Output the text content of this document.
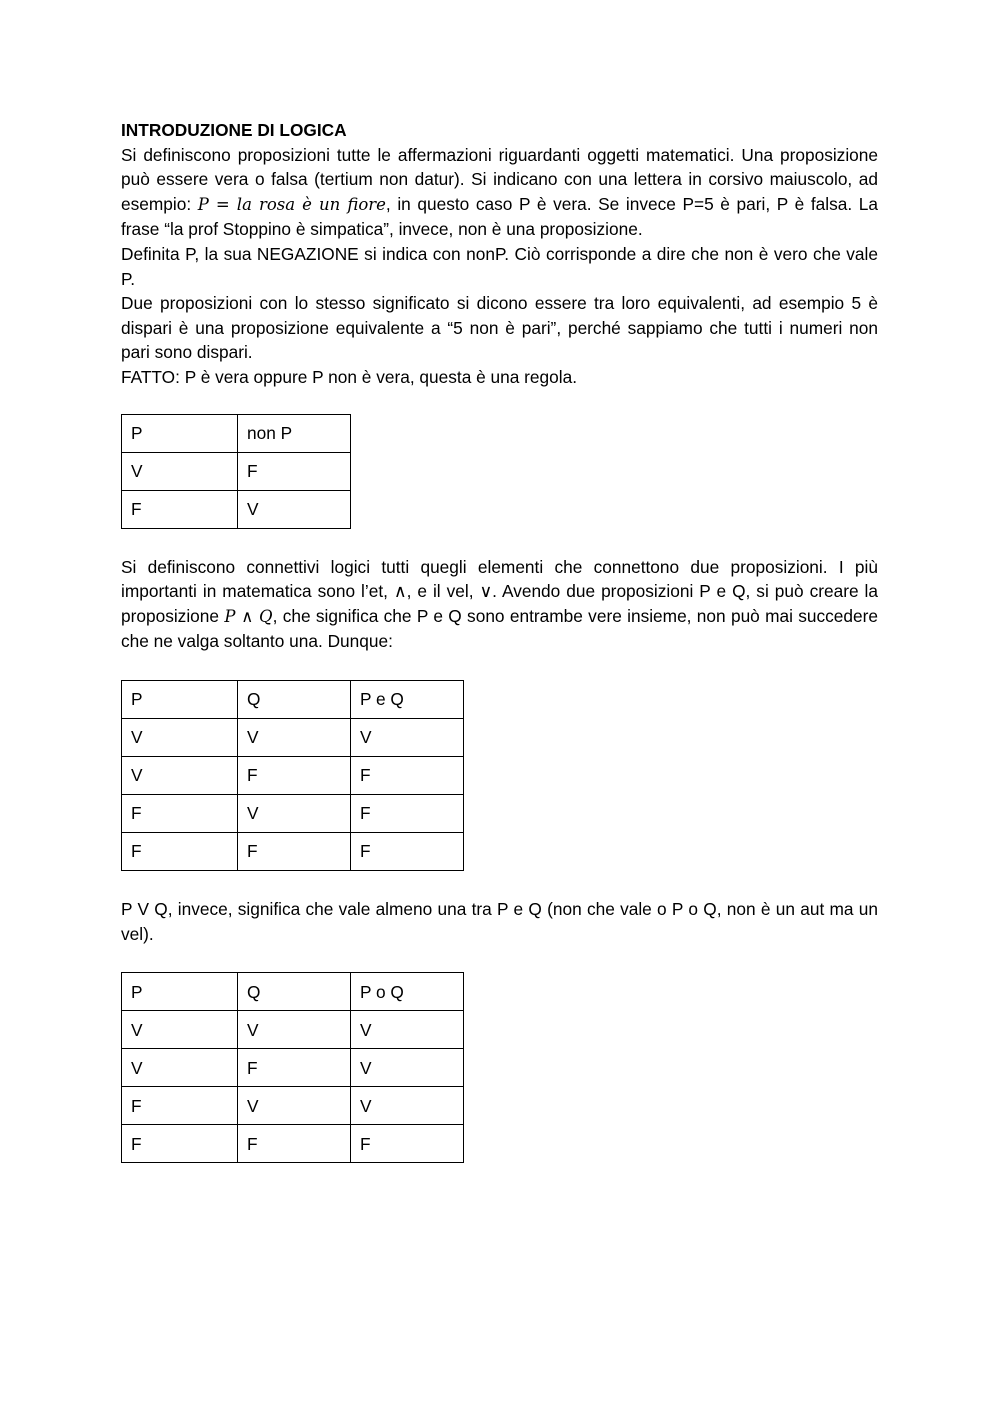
INTRODUZIONE DI LOGICA

Si definiscono proposizioni tutte le affermazioni riguardanti oggetti matematici. Una proposizione può essere vera o falsa (tertium non datur). Si indicano con una lettera in corsivo maiuscolo, ad esempio: P = la rosa è un fiore, in questo caso P è vera. Se invece P=5 è pari, P è falsa. La frase “la prof Stoppino è simpatica”, invece, non è una proposizione.

Definita P, la sua NEGAZIONE si indica con nonP. Ciò corrisponde a dire che non è vero che vale P.

Due proposizioni con lo stesso significato si dicono essere tra loro equivalenti, ad esempio 5 è dispari è una proposizione equivalente a “5 non è pari”, perché sappiamo che tutti i numeri non pari sono dispari.

FATTO: P è vera oppure P non è vera, questa è una regola.

P	non P
V	F
F	V

Si definiscono connettivi logici tutti quegli elementi che connettono due proposizioni. I più importanti in matematica sono l’et, ∧, e il vel, ∨. Avendo due proposizioni P e Q, si può creare la proposizione P ∧ Q, che significa che P e Q sono entrambe vere insieme, non può mai succedere che ne valga soltanto una. Dunque:

P	Q	P e Q
V	V	V
V	F	F
F	V	F
F	F	F

P V Q, invece, significa che vale almeno una tra P e Q (non che vale o P o Q, non è un aut ma un vel).

P	Q	P o Q
V	V	V
V	F	V
F	V	V
F	F	F
